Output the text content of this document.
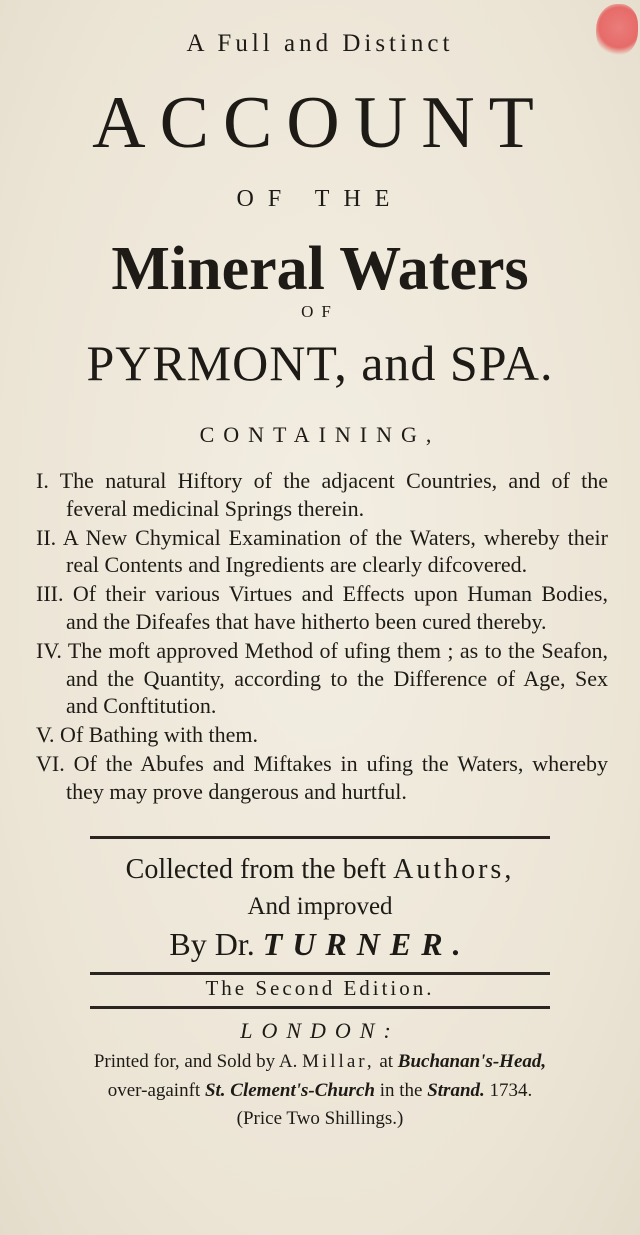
A Full and Distinct
ACCOUNT
OF THE
Mineral Waters
OF
PYRMONT, and SPA.
CONTAINING,
I. The natural Hiftory of the adjacent Countries, and of the feveral medicinal Springs therein.
II. A New Chymical Examination of the Waters, whereby their real Contents and Ingredients are clearly difcovered.
III. Of their various Virtues and Effects upon Human Bodies, and the Difeafes that have hitherto been cured thereby.
IV. The moft approved Method of ufing them ; as to the Seafon, and the Quantity, according to the Difference of Age, Sex and Conftitution.
V. Of Bathing with them.
VI. Of the Abufes and Miftakes in ufing the Waters, whereby they may prove dangerous and hurtful.
Collected from the beft Authors,
And improved
By Dr. TURNER.
The Second Edition.
LONDON:
Printed for, and Sold by A. Millar, at Buchanan's-Head,
over-againft St. Clement's-Church in the Strand. 1734.
(Price Two Shillings.)
